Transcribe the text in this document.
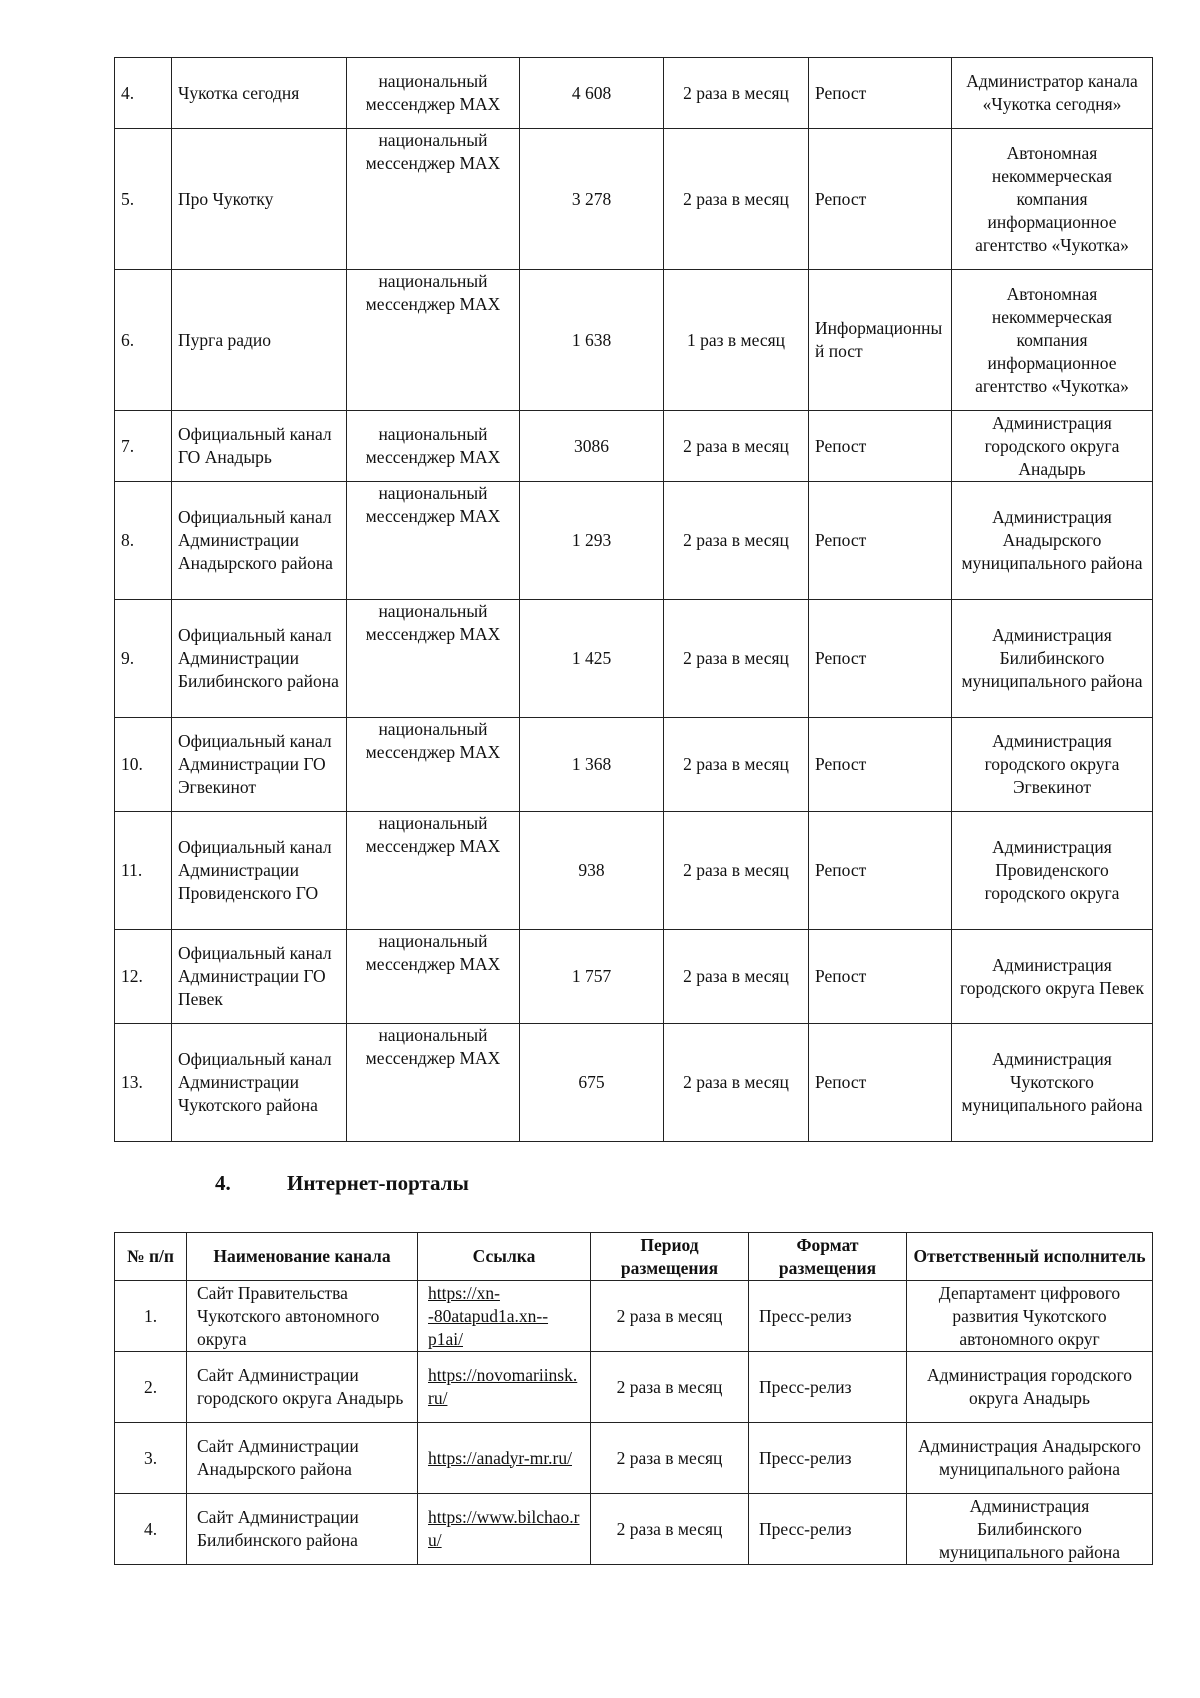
4.	Чукотка сегодня	национальный мессенджер MAX	4 608	2 раза в месяц	Репост	Администратор канала «Чукотка сегодня»
5.	Про Чукотку	национальный мессенджер MAX	3 278	2 раза в месяц	Репост	Автономная некоммерческая компания информационное агентство «Чукотка»
6.	Пурга радио	национальный мессенджер MAX	1 638	1 раз в месяц	Информационный пост	Автономная некоммерческая компания информационное агентство «Чукотка»
7.	Официальный канал ГО Анадырь	национальный мессенджер MAX	3086	2 раза в месяц	Репост	Администрация городского округа Анадырь
8.	Официальный канал Администрации Анадырского района	национальный мессенджер MAX	1 293	2 раза в месяц	Репост	Администрация Анадырского муниципального района
9.	Официальный канал Администрации Билибинского района	национальный мессенджер MAX	1 425	2 раза в месяц	Репост	Администрация Билибинского муниципального района
10.	Официальный канал Администрации ГО Эгвекинот	национальный мессенджер MAX	1 368	2 раза в месяц	Репост	Администрация городского округа Эгвекинот
11.	Официальный канал Администрации Провиденского ГО	национальный мессенджер MAX	938	2 раза в месяц	Репост	Администрация Провиденского городского округа
12.	Официальный канал Администрации ГО Певек	национальный мессенджер MAX	1 757	2 раза в месяц	Репост	Администрация городского округа Певек
13.	Официальный канал Администрации Чукотского района	национальный мессенджер MAX	675	2 раза в месяц	Репост	Администрация Чукотского муниципального района
4.	Интернет-порталы
№ п/п	Наименование канала	Ссылка	Период размещения	Формат размещения	Ответственный исполнитель
1.	Сайт Правительства Чукотского автономного округа	https://xn--80atapud1a.xn--p1ai/	2 раза в месяц	Пресс-релиз	Департамент цифрового развития Чукотского автономного округ
2.	Сайт Администрации городского округа Анадырь	https://novomariinsk.ru/	2 раза в месяц	Пресс-релиз	Администрация городского округа Анадырь
3.	Сайт Администрации Анадырского района	https://anadyr-mr.ru/	2 раза в месяц	Пресс-релиз	Администрация Анадырского муниципального района
4.	Сайт Администрации Билибинского района	https://www.bilchao.ru/	2 раза в месяц	Пресс-релиз	Администрация Билибинского муниципального района
